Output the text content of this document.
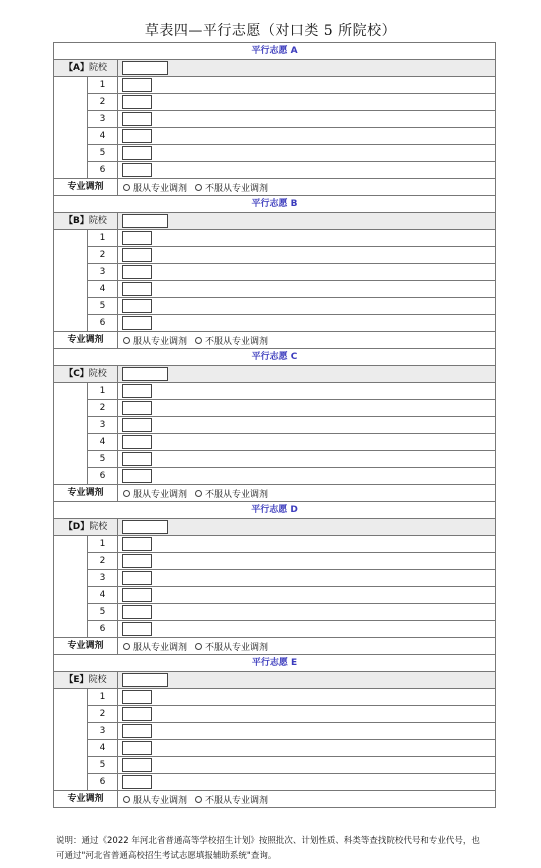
草表四—平行志愿（对口类 5 所院校）
平行志愿 A
【A】院校
1
2
3
4
5
6
专业调剂	服从专业调剂 不服从专业调剂
平行志愿 B
【B】院校
1
2
3
4
5
6
专业调剂	服从专业调剂 不服从专业调剂
平行志愿 C
【C】院校
1
2
3
4
5
6
专业调剂	服从专业调剂 不服从专业调剂
平行志愿 D
【D】院校
1
2
3
4
5
6
专业调剂	服从专业调剂 不服从专业调剂
平行志愿 E
【E】院校
1
2
3
4
5
6
专业调剂	服从专业调剂 不服从专业调剂
说明：通过《2022 年河北省普通高等学校招生计划》按照批次、计划性质、科类等查找院校代号和专业代号，也
可通过"河北省普通高校招生考试志愿填报辅助系统"查询。
